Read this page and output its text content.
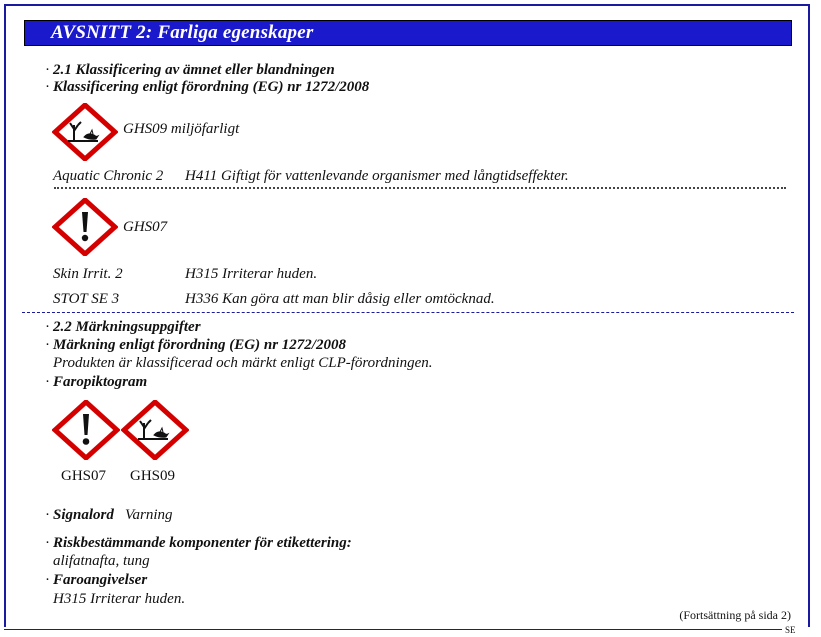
SE
AVSNITT 2: Farliga egenskaper
· 2.1 Klassificering av ämnet eller blandningen
· Klassificering enligt förordning (EG) nr 1272/2008
GHS09 miljöfarligt
Aquatic Chronic 2 H411 Giftigt för vattenlevande organismer med långtidseffekter.
GHS07
Skin Irrit. 2	H315 Irriterar huden.
STOT SE 3	H336 Kan göra att man blir dåsig eller omtöcknad.
· 2.2 Märkningsuppgifter
· Märkning enligt förordning (EG) nr 1272/2008
Produkten är klassificerad och märkt enligt CLP-förordningen.
· Faropiktogram
GHS07 GHS09
· Signalord Varning
· Riskbestämmande komponenter för etikettering:
alifatnafta, tung
· Faroangivelser
H315 Irriterar huden.
(Fortsättning på sida 2)
